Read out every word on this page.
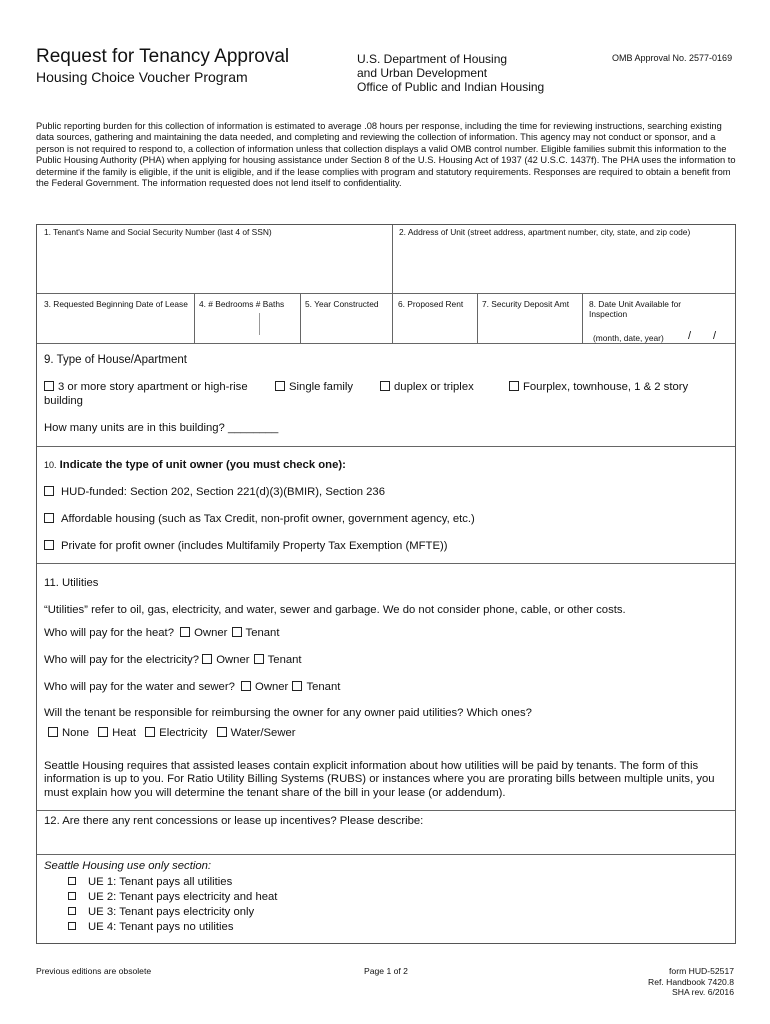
Request for Tenancy Approval
Housing Choice Voucher Program
U.S. Department of Housing
and Urban Development
Office of Public and Indian Housing
OMB Approval No. 2577-0169
Public reporting burden for this collection of information is estimated to average .08 hours per response, including the time for reviewing instructions, searching existing data sources, gathering and maintaining the data needed, and completing and reviewing the collection of information. This agency may not conduct or sponsor, and a person is not required to respond to, a collection of information unless that collection displays a valid OMB control number. Eligible families submit this information to the Public Housing Authority (PHA) when applying for housing assistance under Section 8 of the U.S. Housing Act of 1937 (42 U.S.C. 1437f). The PHA uses the information to determine if the family is eligible, if the unit is eligible, and if the lease complies with program and statutory requirements. Responses are required to obtain a benefit from the Federal Government. The information requested does not lend itself to confidentiality.
1. Tenant's Name and Social Security Number (last 4 of SSN)	2. Address of Unit (street address, apartment number, city, state, and zip code)
3. Requested Beginning Date of Lease	4. # Bedrooms # Baths 5. Year Constructed 6. Proposed Rent 7. Security Deposit Amt 8. Date Unit Available for Inspection
(month, date, year) / /
9. Type of House/Apartment
3 or more story apartment or high-rise
building
Single family	duplex or triplex	Fourplex, townhouse, 1 & 2 story
How many units are in this building? ________
10. Indicate the type of unit owner (you must check one):
HUD-funded: Section 202, Section 221(d)(3)(BMIR), Section 236
Affordable housing (such as Tax Credit, non-profit owner, government agency, etc.)
Private for profit owner (includes Multifamily Property Tax Exemption (MFTE))
11. Utilities
“Utilities” refer to oil, gas, electricity, and water, sewer and garbage. We do not consider phone, cable, or other costs.
Who will pay for the heat? Owner Tenant
Who will pay for the electricity? Owner Tenant
Who will pay for the water and sewer? Owner Tenant
Will the tenant be responsible for reimbursing the owner for any owner paid utilities? Which ones?
None Heat Electricity Water/Sewer
Seattle Housing requires that assisted leases contain explicit information about how utilities will be paid by tenants. The form of this information is up to you. For Ratio Utility Billing Systems (RUBS) or instances where you are prorating bills between multiple units, you must explain how you will determine the tenant share of the bill in your lease (or addendum).
12. Are there any rent concessions or lease up incentives? Please describe:
Seattle Housing use only section:
UE 1: Tenant pays all utilities
UE 2: Tenant pays electricity and heat
UE 3: Tenant pays electricity only
UE 4: Tenant pays no utilities
Previous editions are obsolete	Page 1 of 2	form HUD-52517
Ref. Handbook 7420.8
SHA rev. 6/2016
